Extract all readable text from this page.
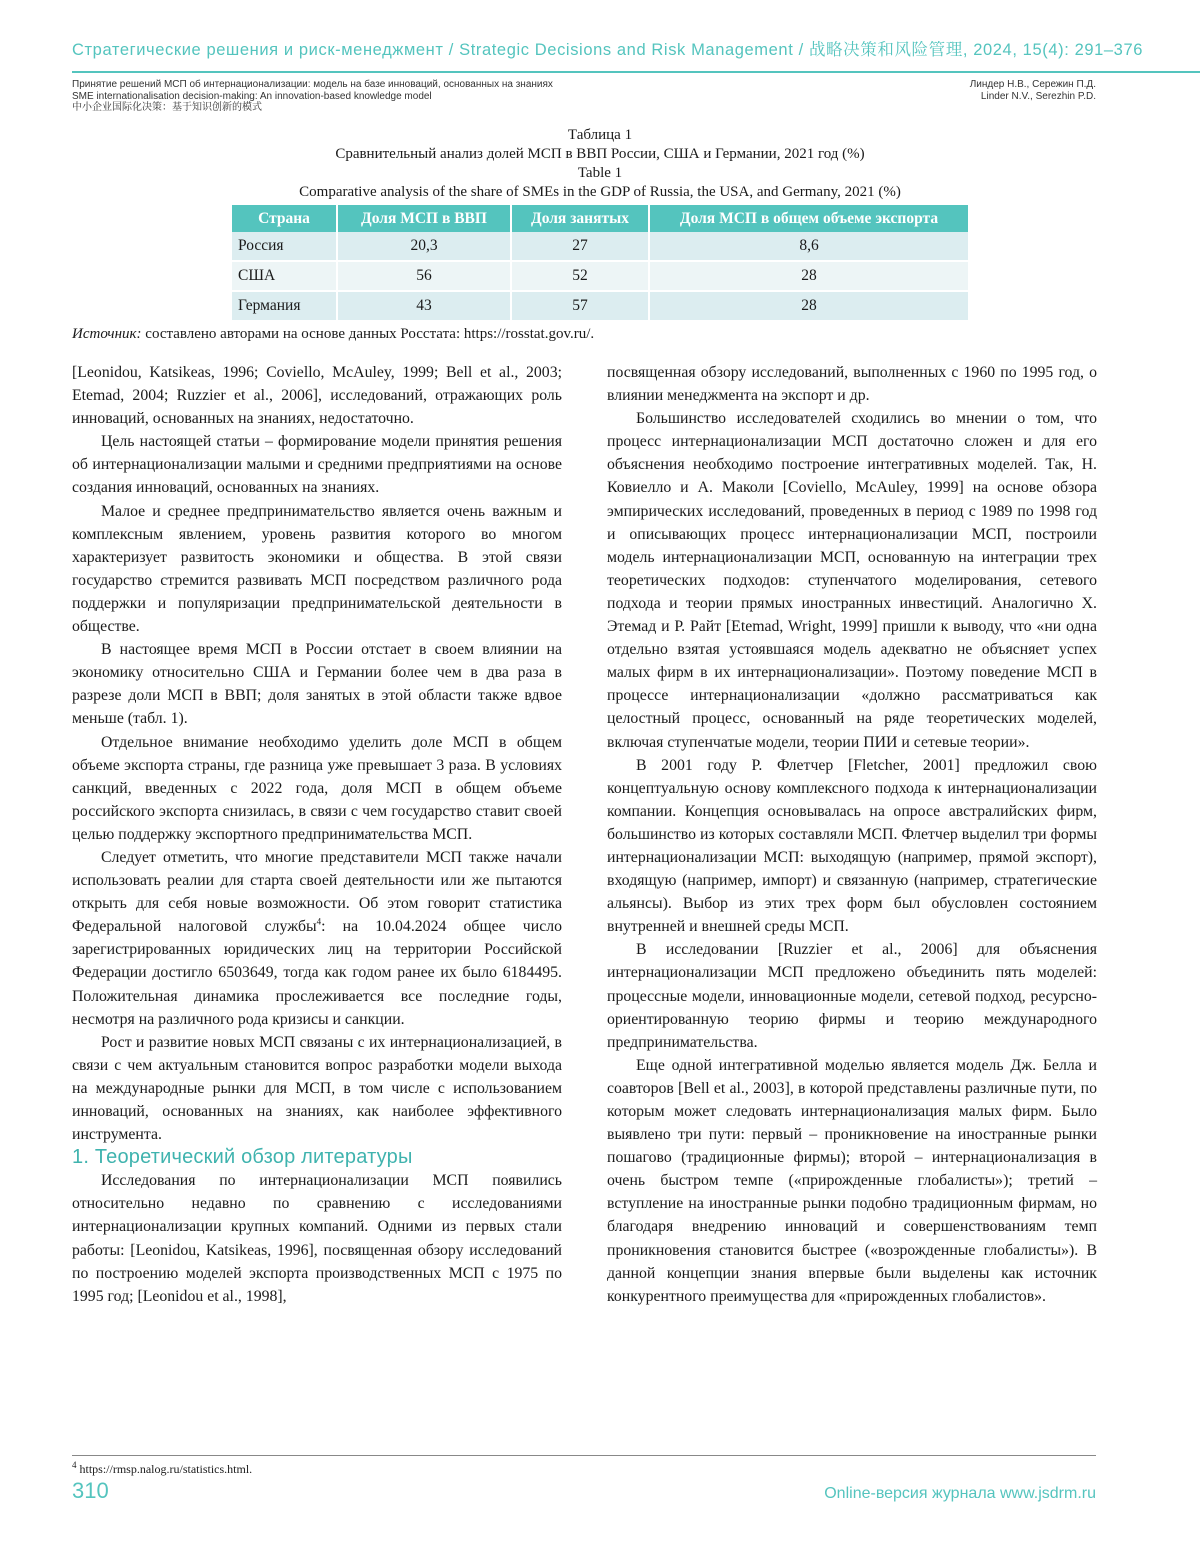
Стратегические решения и риск-менеджмент / Strategic Decisions and Risk Management / 战略决策和风险管理, 2024, 15(4): 291–376
Принятие решений МСП об интернационализации: модель на базе инноваций, основанных на знаниях
SME internationalisation decision-making: An innovation-based knowledge model
中小企业国际化决策：基于知识创新的模式
Линдер Н.В., Сережин П.Д.
Linder N.V., Serezhin P.D.
Таблица 1
Сравнительный анализ долей МСП в ВВП России, США и Германии, 2021 год (%)
Table 1
Comparative analysis of the share of SMEs in the GDP of Russia, the USA, and Germany, 2021 (%)
Страна	Доля МСП в ВВП	Доля занятых	Доля МСП в общем объеме экспорта
Россия	20,3	27	8,6
США	56	52	28
Германия	43	57	28
Источник: составлено авторами на основе данных Росстата: https://rosstat.gov.ru/.

[Leonidou, Katsikeas, 1996; Coviello, McAuley, 1999; Bell et al., 2003; Etemad, 2004; Ruzzier et al., 2006], исследований, отражающих роль инноваций, основанных на знаниях, недостаточно.

Цель настоящей статьи – формирование модели принятия решения об интернационализации малыми и средними предприятиями на основе создания инноваций, основанных на знаниях.

Малое и среднее предпринимательство является очень важным и комплексным явлением, уровень развития которого во многом характеризует развитость экономики и общества. В этой связи государство стремится развивать МСП посредством различного рода поддержки и популяризации предпринимательской деятельности в обществе.

В настоящее время МСП в России отстает в своем влиянии на экономику относительно США и Германии более чем в два раза в разрезе доли МСП в ВВП; доля занятых в этой области также вдвое меньше (табл. 1).

Отдельное внимание необходимо уделить доле МСП в общем объеме экспорта страны, где разница уже превышает 3 раза. В условиях санкций, введенных с 2022 года, доля МСП в общем объеме российского экспорта снизилась, в связи с чем государство ставит своей целью поддержку экспортного предпринимательства МСП.

Следует отметить, что многие представители МСП также начали использовать реалии для старта своей деятельности или же пытаются открыть для себя новые возможности. Об этом говорит статистика Федеральной налоговой службы$^4$: на 10.04.2024 общее число зарегистрированных юридических лиц на территории Российской Федерации достигло 6503649, тогда как годом ранее их было 6184495. Положительная динамика прослеживается все последние годы, несмотря на различного рода кризисы и санкции.

Рост и развитие новых МСП связаны с их интернационализацией, в связи с чем актуальным становится вопрос разработки модели выхода на международные рынки для МСП, в том числе с использованием инноваций, основанных на знаниях, как наиболее эффективного инструмента.

1. Теоретический обзор литературы

Исследования по интернационализации МСП появились относительно недавно по сравнению с исследованиями интернационализации крупных компаний. Одними из первых стали работы: [Leonidou, Katsikeas, 1996], посвященная обзору исследований по построению моделей экспорта производственных МСП с 1975 по 1995 год; [Leonidou et al., 1998],

посвященная обзору исследований, выполненных с 1960 по 1995 год, о влиянии менеджмента на экспорт и др.

Большинство исследователей сходились во мнении о том, что процесс интернационализации МСП достаточно сложен и для его объяснения необходимо построение интегративных моделей. Так, Н. Ковиелло и А. Маколи [Coviello, McAuley, 1999] на основе обзора эмпирических исследований, проведенных в период с 1989 по 1998 год и описывающих процесс интернационализации МСП, построили модель интернационализации МСП, основанную на интеграции трех теоретических подходов: ступенчатого моделирования, сетевого подхода и теории прямых иностранных инвестиций. Аналогично Х. Этемад и Р. Райт [Etemad, Wright, 1999] пришли к выводу, что «ни одна отдельно взятая устоявшаяся модель адекватно не объясняет успех малых фирм в их интернационализации». Поэтому поведение МСП в процессе интернационализации «должно рассматриваться как целостный процесс, основанный на ряде теоретических моделей, включая ступенчатые модели, теории ПИИ и сетевые теории».

В 2001 году Р. Флетчер [Fletcher, 2001] предложил свою концептуальную основу комплексного подхода к интернационализации компании. Концепция основывалась на опросе австралийских фирм, большинство из которых составляли МСП. Флетчер выделил три формы интернационализации МСП: выходящую (например, прямой экспорт), входящую (например, импорт) и связанную (например, стратегические альянсы). Выбор из этих трех форм был обусловлен состоянием внутренней и внешней среды МСП.

В исследовании [Ruzzier et al., 2006] для объяснения интернационализации МСП предложено объединить пять моделей: процессные модели, инновационные модели, сетевой подход, ресурсно-ориентированную теорию фирмы и теорию международного предпринимательства.

Еще одной интегративной моделью является модель Дж. Белла и соавторов [Bell et al., 2003], в которой представлены различные пути, по которым может следовать интернационализация малых фирм. Было выявлено три пути: первый – проникновение на иностранные рынки пошагово (традиционные фирмы); второй – интернационализация в очень быстром темпе («прирожденные глобалисты»); третий – вступление на иностранные рынки подобно традиционным фирмам, но благодаря внедрению инноваций и совершенствованиям темп проникновения становится быстрее («возрожденные глобалисты»). В данной концепции знания впервые были выделены как источник конкурентного преимущества для «прирожденных глобалистов».

$^4$ https://rmsp.nalog.ru/statistics.html.
310	Online-версия журнала www.jsdrm.ru
